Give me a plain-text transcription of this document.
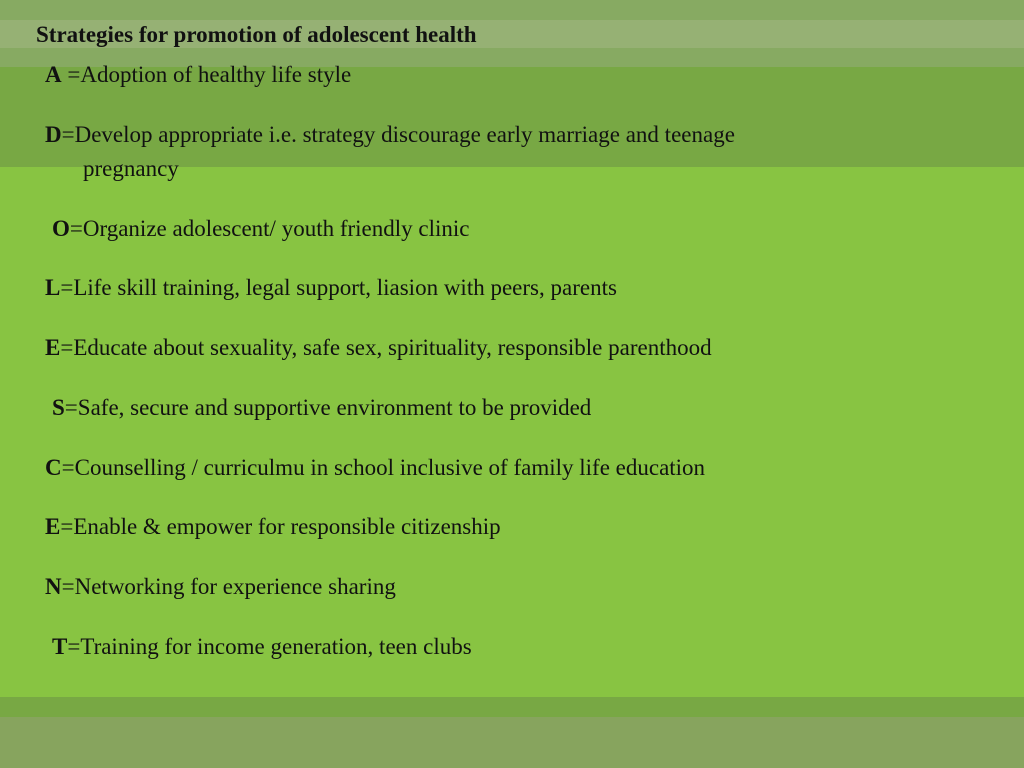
Strategies for promotion of adolescent health
A =Adoption of healthy life style
D=Develop appropriate i.e. strategy discourage early marriage and teenage
pregnancy
O=Organize adolescent/ youth friendly clinic
L=Life skill training, legal support, liasion with peers, parents
E=Educate about sexuality, safe sex, spirituality, responsible parenthood
S=Safe, secure and supportive environment to be provided
C=Counselling / curriculmu in school inclusive of family life education
E=Enable & empower for responsible citizenship
N=Networking for experience sharing
T=Training for income generation, teen clubs
